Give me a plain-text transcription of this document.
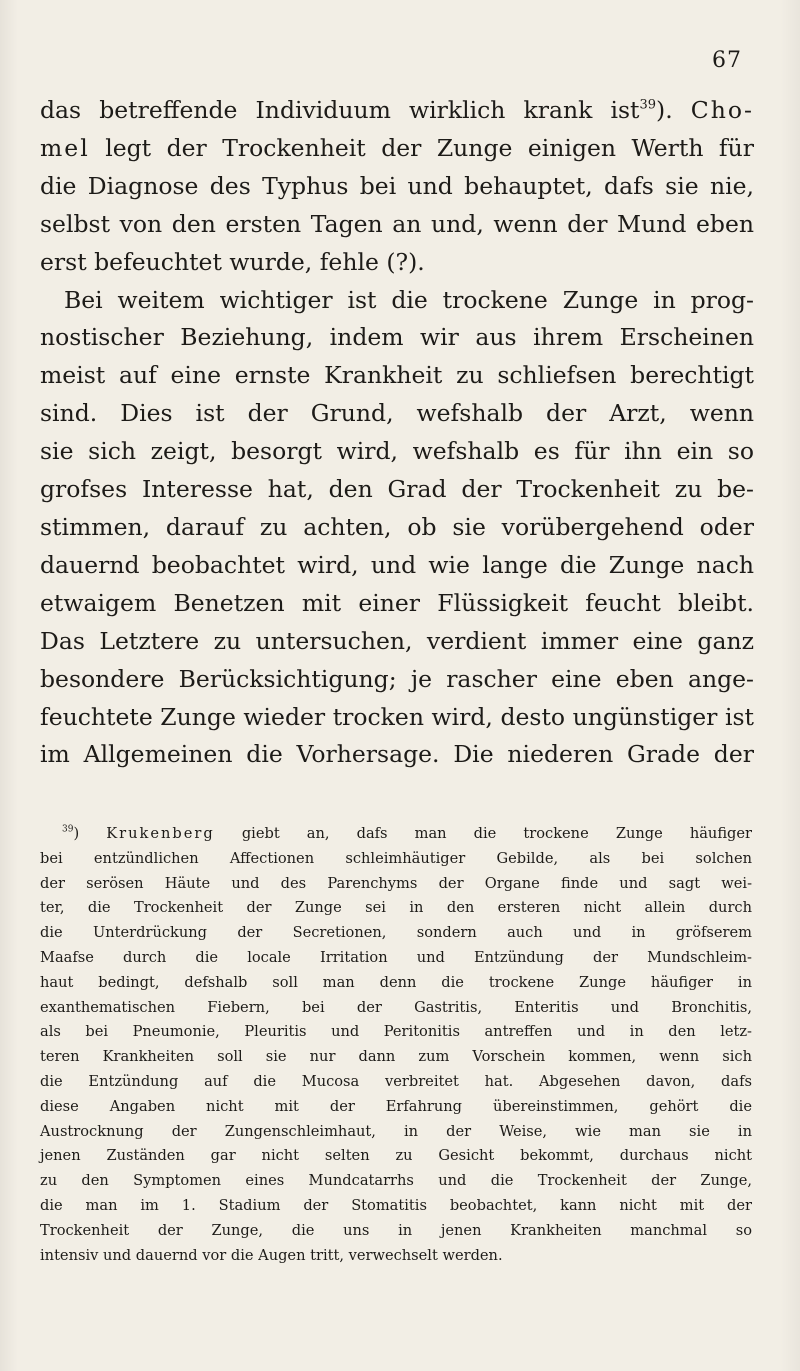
67
das betreffende Individuum wirklich krank ist$^{39}$). Cho-
mel legt der Trockenheit der Zunge einigen Werth für
die Diagnose des Typhus bei und behauptet, dafs sie nie,
selbst von den ersten Tagen an und, wenn der Mund eben
erst befeuchtet wurde, fehle (?).
Bei weitem wichtiger ist die trockene Zunge in prog-
nostischer Beziehung, indem wir aus ihrem Erscheinen
meist auf eine ernste Krankheit zu schliefsen berechtigt
sind. Dies ist der Grund, wefshalb der Arzt, wenn
sie sich zeigt, besorgt wird, wefshalb es für ihn ein so
grofses Interesse hat, den Grad der Trockenheit zu be-
stimmen, darauf zu achten, ob sie vorübergehend oder
dauernd beobachtet wird, und wie lange die Zunge nach
etwaigem Benetzen mit einer Flüssigkeit feucht bleibt.
Das Letztere zu untersuchen, verdient immer eine ganz
besondere Berücksichtigung; je rascher eine eben ange-
feuchtete Zunge wieder trocken wird, desto ungünstiger ist
im Allgemeinen die Vorhersage. Die niederen Grade der
$^{39}$) Krukenberg giebt an, dafs man die trockene Zunge häufiger
bei entzündlichen Affectionen schleimhäutiger Gebilde, als bei solchen
der serösen Häute und des Parenchyms der Organe finde und sagt wei-
ter, die Trockenheit der Zunge sei in den ersteren nicht allein durch
die Unterdrückung der Secretionen, sondern auch und in gröfserem
Maafse durch die locale Irritation und Entzündung der Mundschleim-
haut bedingt, defshalb soll man denn die trockene Zunge häufiger in
exanthematischen Fiebern, bei der Gastritis, Enteritis und Bronchitis,
als bei Pneumonie, Pleuritis und Peritonitis antreffen und in den letz-
teren Krankheiten soll sie nur dann zum Vorschein kommen, wenn sich
die Entzündung auf die Mucosa verbreitet hat. Abgesehen davon, dafs
diese Angaben nicht mit der Erfahrung übereinstimmen, gehört die
Austrocknung der Zungenschleimhaut, in der Weise, wie man sie in
jenen Zuständen gar nicht selten zu Gesicht bekommt, durchaus nicht
zu den Symptomen eines Mundcatarrhs und die Trockenheit der Zunge,
die man im 1. Stadium der Stomatitis beobachtet, kann nicht mit der
Trockenheit der Zunge, die uns in jenen Krankheiten manchmal so
intensiv und dauernd vor die Augen tritt, verwechselt werden.
